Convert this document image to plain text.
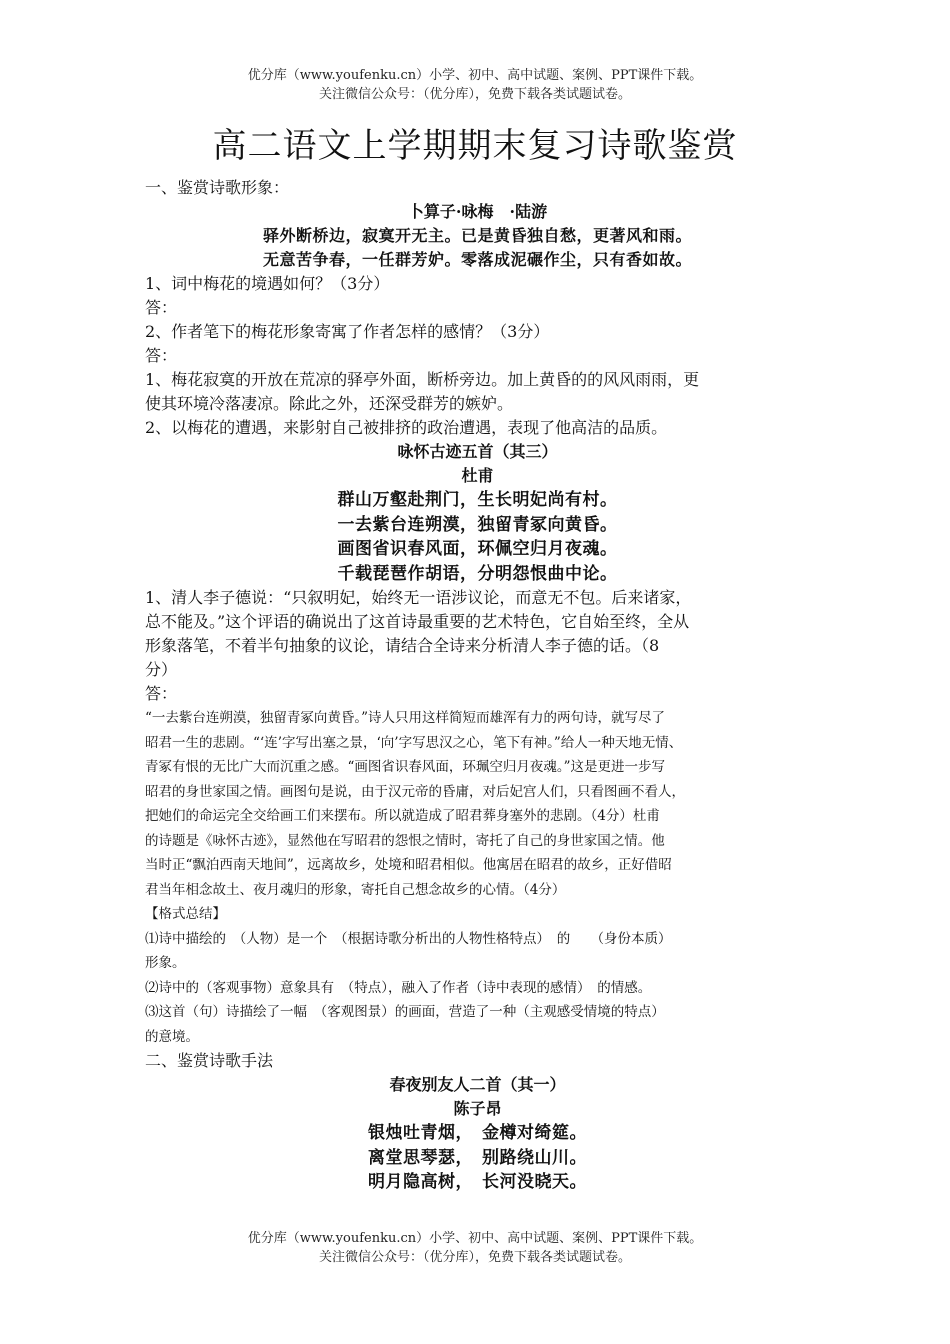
优分库（www.youfenku.cn）小学、初中、高中试题、案例、PPT课件下载。
关注微信公众号：（优分库），免费下载各类试题试卷。
高二语文上学期期末复习诗歌鉴赏
一、鉴赏诗歌形象：
卜算子·咏梅　·陆游
驿外断桥边，寂寞开无主。已是黄昏独自愁，更著风和雨。
无意苦争春，一任群芳妒。零落成泥碾作尘，只有香如故。
1、词中梅花的境遇如何？（3分）
答：
2、作者笔下的梅花形象寄寓了作者怎样的感情？（3分）
答：
1、梅花寂寞的开放在荒凉的驿亭外面，断桥旁边。加上黄昏的的风风雨雨，更
使其环境冷落凄凉。除此之外，还深受群芳的嫉妒。
2、以梅花的遭遇，来影射自己被排挤的政治遭遇，表现了他高洁的品质。
咏怀古迹五首（其三）
杜甫
群山万壑赴荆门，生长明妃尚有村。
一去紫台连朔漠，独留青冢向黄昏。
画图省识春风面，环佩空归月夜魂。
千载琵琶作胡语，分明怨恨曲中论。
1、清人李子德说：“只叙明妃，始终无一语涉议论，而意无不包。后来诸家，
总不能及。”这个评语的确说出了这首诗最重要的艺术特色，它自始至终，全从
形象落笔，不着半句抽象的议论，请结合全诗来分析清人李子德的话。（8
分）
答：
“一去紫台连朔漠，独留青冢向黄昏。”诗人只用这样简短而雄浑有力的两句诗，就写尽了
昭君一生的悲剧。“‘连’字写出塞之景，‘向’字写思汉之心，笔下有神。”给人一种天地无情、
青冢有恨的无比广大而沉重之感。“画图省识春风面，环珮空归月夜魂。”这是更进一步写
昭君的身世家国之情。画图句是说，由于汉元帝的昏庸，对后妃宫人们，只看图画不看人，
把她们的命运完全交给画工们来摆布。所以就造成了昭君葬身塞外的悲剧。（4分）杜甫
的诗题是《咏怀古迹》，显然他在写昭君的怨恨之情时，寄托了自己的身世家国之情。他
当时正“飘泊西南天地间”，远离故乡，处境和昭君相似。他寓居在昭君的故乡，正好借昭
君当年相念故土、夜月魂归的形象，寄托自己想念故乡的心情。（4分）
【格式总结】
⑴诗中描绘的　（人物）是一个　（根据诗歌分析出的人物性格特点）　的　　（身份本质）
形象。
⑵诗中的（客观事物）意象具有　（特点），融入了作者（诗中表现的感情）　的情感。
⑶这首（句）诗描绘了一幅　（客观图景）的画面，营造了一种（主观感受情境的特点）
的意境。
二、鉴赏诗歌手法
春夜别友人二首（其一）
陈子昂
银烛吐青烟，　金樽对绮筵。
离堂思琴瑟，　别路绕山川。
明月隐高树，　长河没晓天。
优分库（www.youfenku.cn）小学、初中、高中试题、案例、PPT课件下载。
关注微信公众号：（优分库），免费下载各类试题试卷。
